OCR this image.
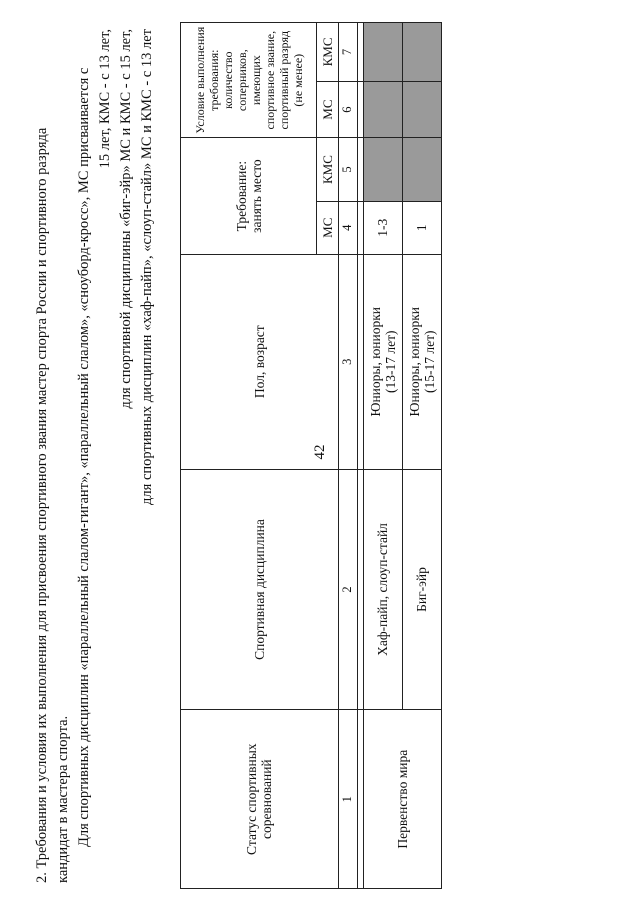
42

2. Требования и условия их выполнения для присвоения спортивного звания мастер спорта России и спортивного разряда кандидат в мастера спорта. Для спортивных дисциплин «параллельный слалом-гигант», «параллельный слалом», «сноуборд-кросс», МС присваивается с 15 лет, КМС - с 13 лет, для спортивной дисциплины «биг-эйр» МС и КМС - с 15 лет, для спортивных дисциплин «хаф-пайп», «слоуп-стайл» МС и КМС - с 13 лет

Статус спортивных соревнований	Спортивная дисциплина	Пол, возраст	Требование: занять место		Условие выполнения требования: количество соперников, имеющих спортивное звание, спортивный разряд (не менее)	
			МС	КМС	МС	КМС
1	2	3	4	5	6	7

Первенство мира	Хаф-пайп, слоуп-стайл	Юниоры, юниорки
(13-17 лет)	1-3			
	Биг-эйр	Юниоры, юниорки
(15-17 лет)	1			
